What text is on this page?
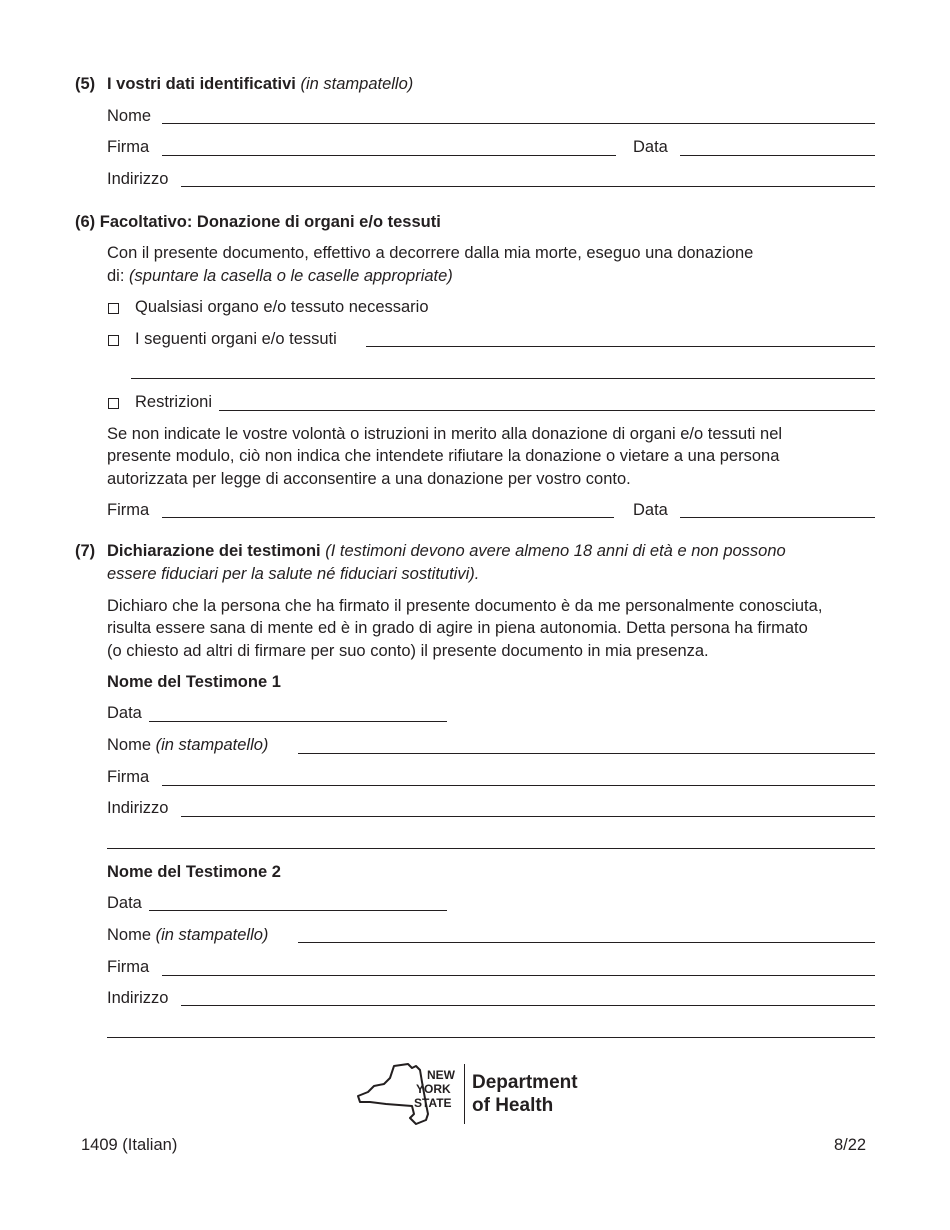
(5) I vostri dati identificativi (in stampatello)
Nome
Firma	Data
Indirizzo
(6) Facoltativo: Donazione di organi e/o tessuti
Con il presente documento, effettivo a decorrere dalla mia morte, eseguo una donazione
di: (spuntare la casella o le caselle appropriate)
Qualsiasi organo e/o tessuto necessario
I seguenti organi e/o tessuti
Restrizioni
Se non indicate le vostre volontà o istruzioni in merito alla donazione di organi e/o tessuti nel
presente modulo, ciò non indica che intendete rifiutare la donazione o vietare a una persona
autorizzata per legge di acconsentire a una donazione per vostro conto.
Firma	Data
(7) Dichiarazione dei testimoni (I testimoni devono avere almeno 18 anni di età e non possono
essere fiduciari per la salute né fiduciari sostitutivi).
Dichiaro che la persona che ha firmato il presente documento è da me personalmente conosciuta,
risulta essere sana di mente ed è in grado di agire in piena autonomia. Detta persona ha firmato
(o chiesto ad altri di firmare per suo conto) il presente documento in mia presenza.
Nome del Testimone 1
Data
Nome (in stampatello)
Firma
Indirizzo
Nome del Testimone 2
Data
Nome (in stampatello)
Firma
Indirizzo
NEW
YORK
STATE
Department
of Health
1409 (Italian)	8/22
